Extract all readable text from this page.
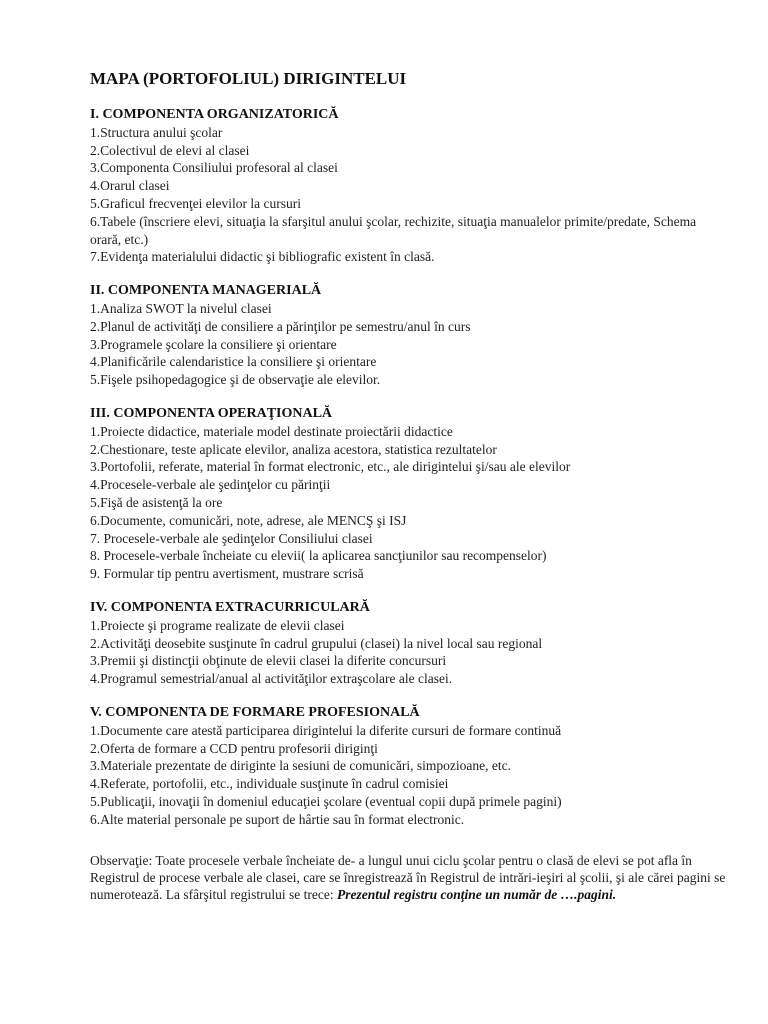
MAPA (PORTOFOLIUL) DIRIGINTELUI
I. COMPONENTA ORGANIZATORICĂ
1.Structura anului şcolar
2.Colectivul de elevi al clasei
3.Componenta Consiliului profesoral al clasei
4.Orarul clasei
5.Graficul frecvenţei elevilor la cursuri
6.Tabele (înscriere elevi, situaţia la sfarşitul anului şcolar, rechizite, situaţia manualelor primite/predate, Schema orară, etc.)
7.Evidenţa materialului didactic şi bibliografic existent în clasă.
II. COMPONENTA MANAGERIALĂ
1.Analiza SWOT la nivelul clasei
2.Planul de activităţi de consiliere a părinţilor pe semestru/anul în curs
3.Programele şcolare la consiliere şi orientare
4.Planificările calendaristice la consiliere şi orientare
5.Fişele psihopedagogice şi de observaţie ale elevilor.
III. COMPONENTA OPERAŢIONALĂ
1.Proiecte didactice, materiale model destinate proiectării didactice
2.Chestionare, teste aplicate elevilor, analiza acestora, statistica rezultatelor
3.Portofolii, referate, material în format electronic, etc., ale dirigintelui şi/sau ale elevilor
4.Procesele-verbale ale şedinţelor cu părinţii
5.Fişă de asistenţă la ore
6.Documente, comunicări, note, adrese, ale MENCŞ şi ISJ
7. Procesele-verbale ale şedinţelor Consiliului clasei
8. Procesele-verbale încheiate cu elevii( la aplicarea sancţiunilor sau recompenselor)
9. Formular tip pentru avertisment, mustrare scrisă
IV. COMPONENTA EXTRACURRICULARĂ
1.Proiecte şi programe realizate de elevii clasei
2.Activităţi deosebite susţinute în cadrul grupului (clasei) la nivel local sau regional
3.Premii şi distincţii obţinute de elevii clasei la diferite concursuri
4.Programul semestrial/anual al activităţilor extraşcolare ale clasei.
V. COMPONENTA DE FORMARE PROFESIONALĂ
1.Documente care atestă participarea dirigintelui la diferite cursuri de formare continuă
2.Oferta de formare a CCD pentru profesorii diriginţi
3.Materiale prezentate de diriginte la sesiuni de comunicări, simpozioane, etc.
4.Referate, portofolii, etc., individuale susţinute în cadrul comisiei
5.Publicaţii, inovaţii în domeniul educaţiei şcolare (eventual copii după primele pagini)
6.Alte material personale pe suport de hârtie sau în format electronic.
Observaţie: Toate procesele verbale încheiate de- a lungul unui ciclu şcolar pentru o clasă de elevi se pot afla în Registrul de procese verbale ale clasei, care se înregistrează în Registrul de intrări-ieşiri al şcolii, şi ale cărei pagini se numerotează. La sfârşitul registrului se trece: Prezentul registru conţine un număr de ….pagini.
